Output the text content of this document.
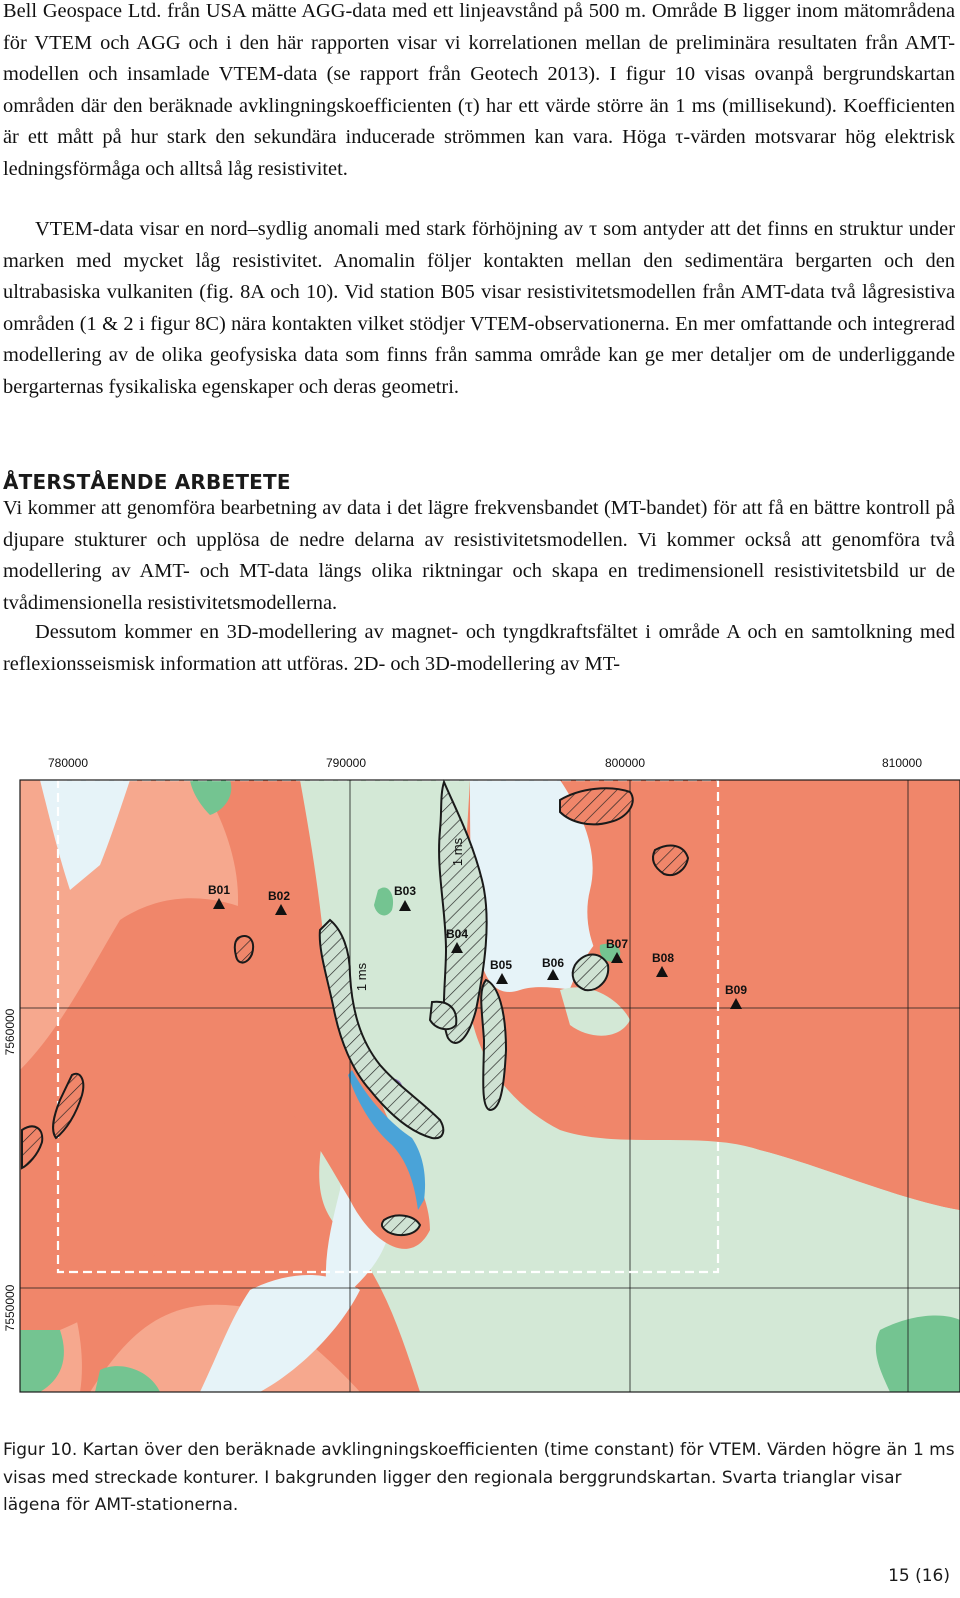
Bell Geospace Ltd. från USA mätte AGG-data med ett linjeavstånd på 500 m. Område B ligger inom mätområdena för VTEM och AGG och i den här rapporten visar vi korrelationen mellan de preliminära resultaten från AMT-modellen och insamlade VTEM-data (se rapport från Geotech 2013). I figur 10 visas ovanpå bergrundskartan områden där den beräknade avklingningskoefficienten (τ) har ett värde större än 1 ms (millisekund). Koefficienten är ett mått på hur stark den sekundära inducerade strömmen kan vara. Höga τ-värden motsvarar hög elektrisk ledningsförmåga och alltså låg resistivitet.

VTEM-data visar en nord–sydlig anomali med stark förhöjning av τ som antyder att det finns en struktur under marken med mycket låg resistivitet. Anomalin följer kontakten mellan den sedimentära bergarten och den ultrabasiska vulkaniten (fig. 8A och 10). Vid station B05 visar resistivitetsmodellen från AMT-data två lågresistiva områden (1 & 2 i figur 8C) nära kontakten vilket stödjer VTEM-observationerna. En mer omfattande och integrerad modellering av de olika geofysiska data som finns från samma område kan ge mer detaljer om de underliggande bergarternas fysikaliska egenskaper och deras geometri.

ÅTERSTÅENDE ARBETETE

Vi kommer att genomföra bearbetning av data i det lägre frekvensbandet (MT-bandet) för att få en bättre kontroll på djupare stukturer och upplösa de nedre delarna av resistivitetsmodellen. Vi kommer också att genomföra två modellering av AMT- och MT-data längs olika riktningar och skapa en tredimensionell resistivitetsbild ur de tvådimensionella resistivitetsmodellerna.

Dessutom kommer en 3D-modellering av magnet- och tyngdkraftsfältet i område A och en samtolkning med reflexionsseismisk information att utföras. 2D- och 3D-modellering av MT-

780000	790000	800000	810000
7560000
7550000
1 ms
1 ms
B01	B02	B03
B04
B05 B06
B07
B08
B09

Figur 10. Kartan över den beräknade avklingningskoefficienten (time constant) för VTEM. Värden högre än 1 ms visas med streckade konturer. I bakgrunden ligger den regionala berggrundskartan. Svarta trianglar visar lägena för AMT-stationerna.

15 (16)
